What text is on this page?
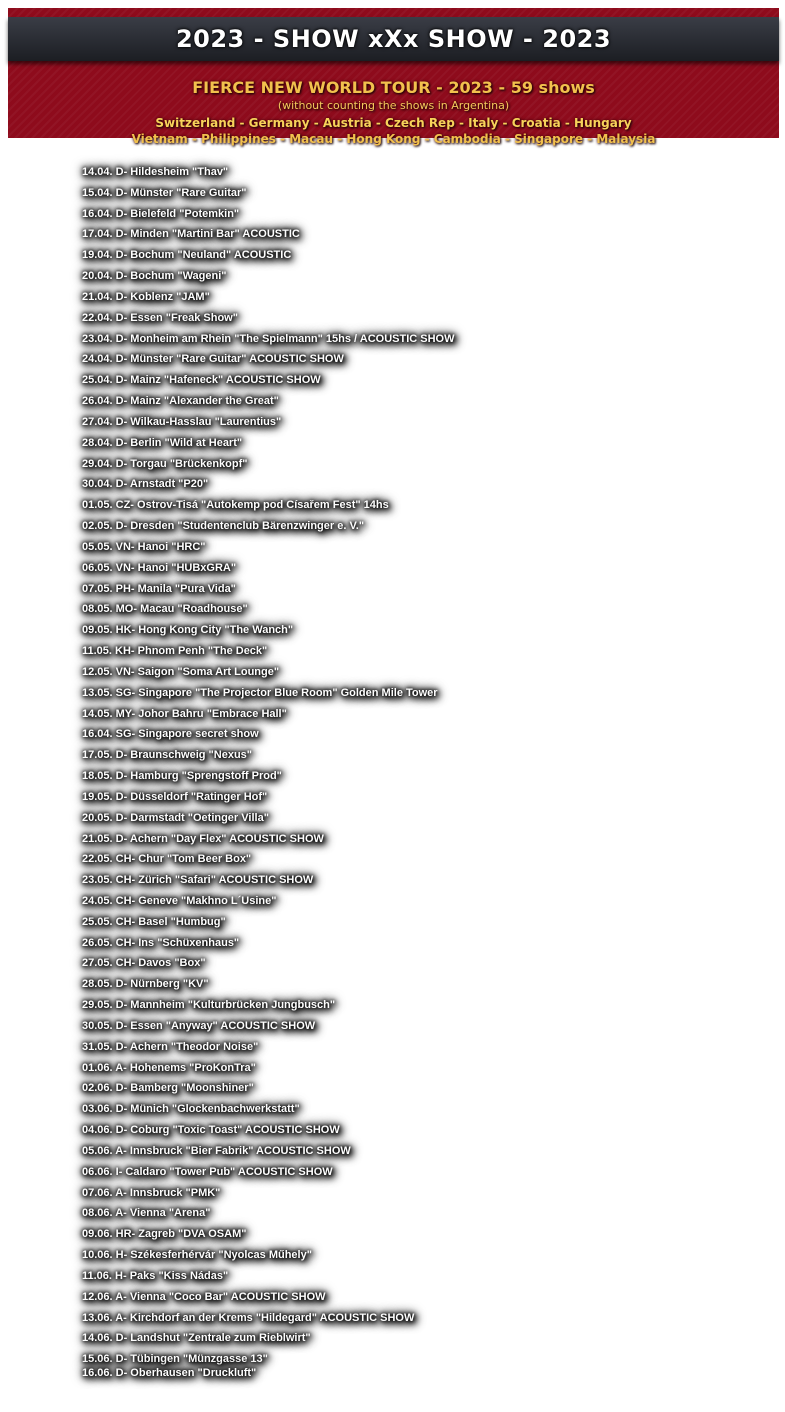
2023 - SHOW xXx SHOW - 2023
FIERCE NEW WORLD TOUR - 2023 - 59 shows
(without counting the shows in Argentina)
Switzerland - Germany - Austria - Czech Rep - Italy - Croatia - Hungary
Vietnam - Philippines - Macau - Hong Kong - Cambodia - Singapore - Malaysia
14.04. D- Hildesheim "Thav"
15.04. D- Münster "Rare Guitar"
16.04. D- Bielefeld "Potemkin"
17.04. D- Minden "Martini Bar" ACOUSTIC
19.04. D- Bochum "Neuland" ACOUSTIC
20.04. D- Bochum "Wageni"
21.04. D- Koblenz "JAM"
22.04. D- Essen "Freak Show"
23.04. D- Monheim am Rhein "The Spielmann" 15hs / ACOUSTIC SHOW
24.04. D- Münster "Rare Guitar" ACOUSTIC SHOW
25.04. D- Mainz "Hafeneck" ACOUSTIC SHOW
26.04. D- Mainz "Alexander the Great"
27.04. D- Wilkau-Hasslau "Laurentius"
28.04. D- Berlin "Wild at Heart"
29.04. D- Torgau "Brückenkopf"
30.04. D- Arnstadt "P20"
01.05. CZ- Ostrov-Tisá "Autokemp pod Císařem Fest" 14hs
02.05. D- Dresden "Studentenclub Bärenzwinger e. V."
05.05. VN- Hanoi "HRC"
06.05. VN- Hanoi "HUBxGRA"
07.05. PH- Manila "Pura Vida"
08.05. MO- Macau "Roadhouse"
09.05. HK- Hong Kong City "The Wanch"
11.05. KH- Phnom Penh "The Deck"
12.05. VN- Saigon "Soma Art Lounge"
13.05. SG- Singapore "The Projector Blue Room" Golden Mile Tower
14.05. MY- Johor Bahru "Embrace Hall"
16.04. SG- Singapore secret show
17.05. D- Braunschweig "Nexus"
18.05. D- Hamburg "Sprengstoff Prod"
19.05. D- Düsseldorf "Ratinger Hof"
20.05. D- Darmstadt "Oetinger Villa"
21.05. D- Achern "Day Flex" ACOUSTIC SHOW
22.05. CH- Chur "Tom Beer Box"
23.05. CH- Zürich "Safari" ACOUSTIC SHOW
24.05. CH- Geneve "Makhno L´Usine"
25.05. CH- Basel "Humbug"
26.05. CH- Ins "Schüxenhaus"
27.05. CH- Davos "Box"
28.05. D- Nürnberg "KV"
29.05. D- Mannheim "Kulturbrücken Jungbusch"
30.05. D- Essen "Anyway" ACOUSTIC SHOW
31.05. D- Achern "Theodor Noise"
01.06. A- Hohenems "ProKonTra"
02.06. D- Bamberg "Moonshiner"
03.06. D- Münich "Glockenbachwerkstatt"
04.06. D- Coburg "Toxic Toast" ACOUSTIC SHOW
05.06. A- Innsbruck "Bier Fabrik" ACOUSTIC SHOW
06.06. I- Caldaro "Tower Pub" ACOUSTIC SHOW
07.06. A- Innsbruck "PMK"
08.06. A- Vienna "Arena"
09.06. HR- Zagreb "DVA OSAM"
10.06. H- Székesferhérvár "Nyolcas Műhely"
11.06. H- Paks "Kiss Nádas"
12.06. A- Vienna "Coco Bar" ACOUSTIC SHOW
13.06. A- Kirchdorf an der Krems "Hildegard" ACOUSTIC SHOW
14.06. D- Landshut "Zentrale zum Rieblwirt"
15.06. D- Tübingen "Münzgasse 13"
16.06. D- Oberhausen "Druckluft"
